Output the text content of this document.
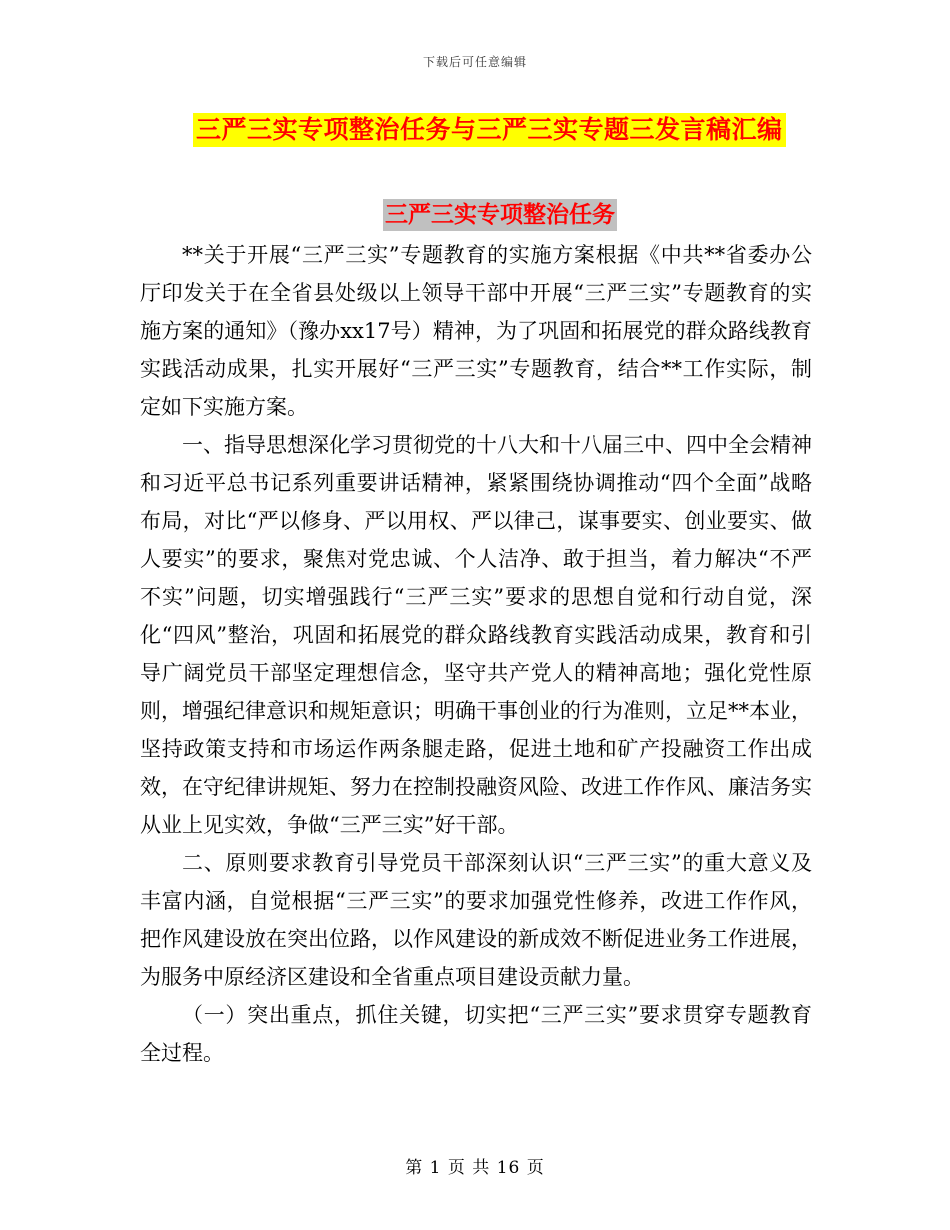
下载后可任意编辑
三严三实专项整治任务与三严三实专题三发言稿汇编
三严三实专项整治任务

**关于开展“三严三实”专题教育的实施方案根据《中共**省委办公厅印发关于在全省县处级以上领导干部中开展“三严三实”专题教育的实施方案的通知》（豫办xx17号）精神，为了巩固和拓展党的群众路线教育实践活动成果，扎实开展好“三严三实”专题教育，结合**工作实际，制定如下实施方案。

一、指导思想深化学习贯彻党的十八大和十八届三中、四中全会精神和习近平总书记系列重要讲话精神，紧紧围绕协调推动“四个全面”战略布局，对比“严以修身、严以用权、严以律己，谋事要实、创业要实、做人要实”的要求，聚焦对党忠诚、个人洁净、敢于担当，着力解决“不严不实”问题，切实增强践行“三严三实”要求的思想自觉和行动自觉，深化“四风”整治，巩固和拓展党的群众路线教育实践活动成果，教育和引导广阔党员干部坚定理想信念，坚守共产党人的精神高地；强化党性原则，增强纪律意识和规矩意识；明确干事创业的行为准则，立足**本业，坚持政策支持和市场运作两条腿走路，促进土地和矿产投融资工作出成效，在守纪律讲规矩、努力在控制投融资风险、改进工作作风、廉洁务实从业上见实效，争做“三严三实”好干部。

二、原则要求教育引导党员干部深刻认识“三严三实”的重大意义及丰富内涵，自觉根据“三严三实”的要求加强党性修养，改进工作作风，把作风建设放在突出位路，以作风建设的新成效不断促进业务工作进展，为服务中原经济区建设和全省重点项目建设贡献力量。

（一）突出重点，抓住关键，切实把“三严三实”要求贯穿专题教育全过程。

第 1 页 共 16 页
